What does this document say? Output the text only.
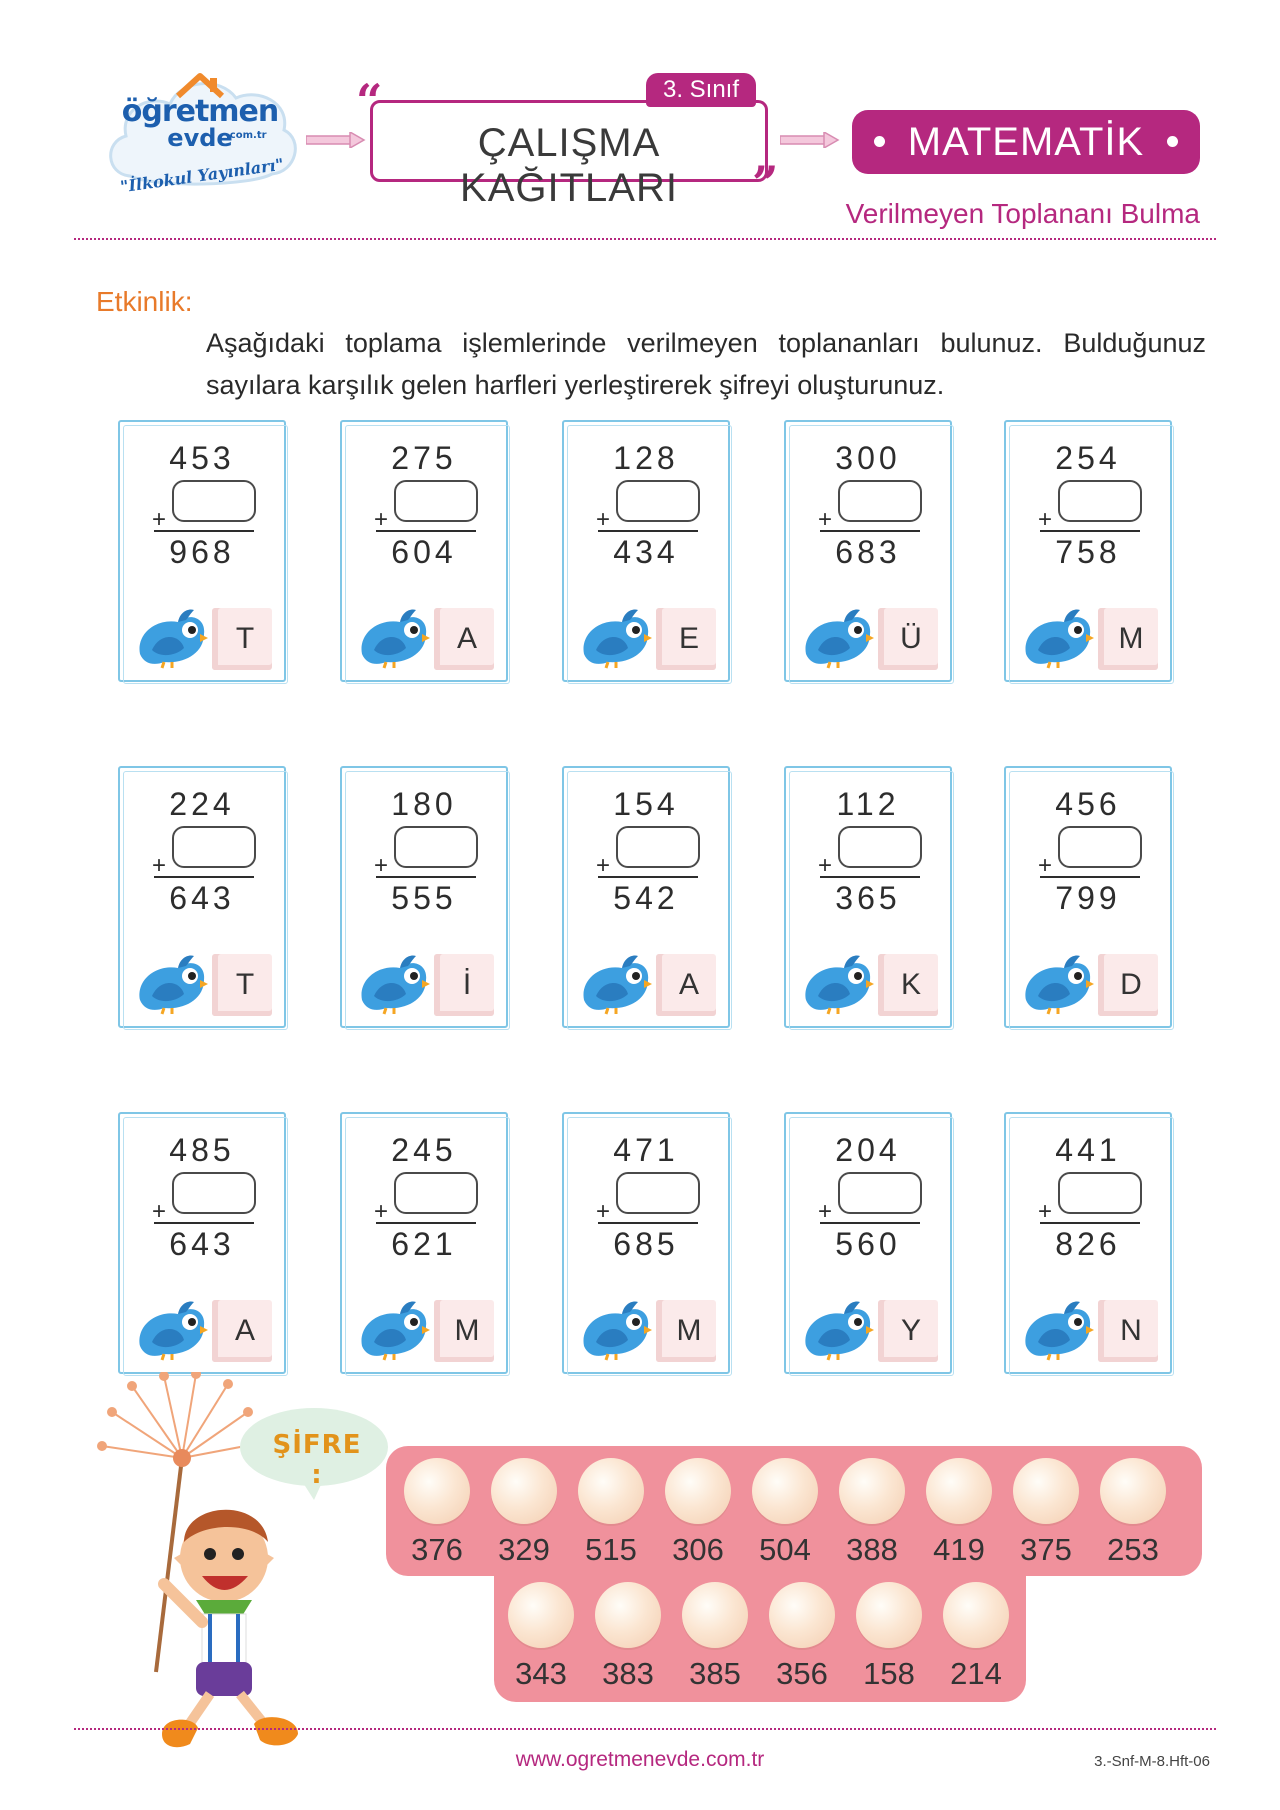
öğretmen
evde
.com.tr
"İlkokul Yayınları"
ÇALIŞMA KAĞITLARI
“
”
3. Sınıf
MATEMATİK
Verilmeyen Toplananı Bulma
Etkinlik:
Aşağıdaki toplama işlemlerinde verilmeyen toplananları bulunuz. Bulduğunuz sayılara karşılık gelen harfleri yerleştirerek şifreyi oluşturunuz.
453
+
968
T
275
+
604
A
128
+
434
E
300
+
683
Ü
254
+
758
M
224
+
643
T
180
+
555
İ
154
+
542
A
112
+
365
K
456
+
799
D
485
+
643
A
245
+
621
M
471
+
685
M
204
+
560
Y
441
+
826
N
ŞİFRE :
376	329	515	306	504	388	419	375	253
343	383	385	356	158	214
www.ogretmenevde.com.tr	3.-Snf-M-8.Hft-06
